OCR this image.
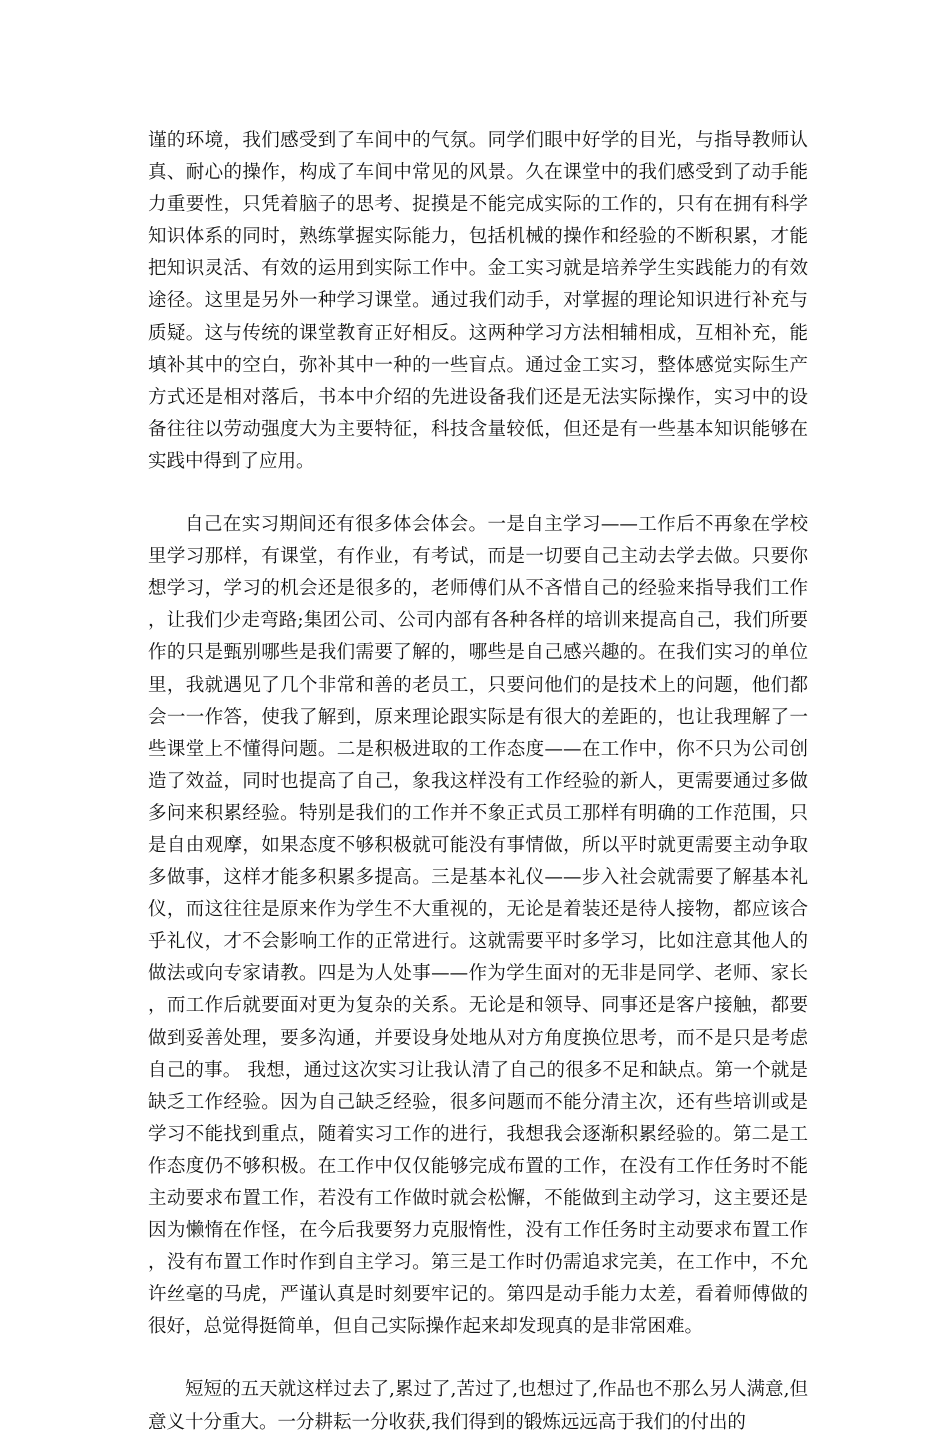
谨的环境，我们感受到了车间中的气氛。同学们眼中好学的目光，与指导教师认真、耐心的操作，构成了车间中常见的风景。久在课堂中的我们感受到了动手能力重要性，只凭着脑子的思考、捉摸是不能完成实际的工作的，只有在拥有科学知识体系的同时，熟练掌握实际能力，包括机械的操作和经验的不断积累，才能把知识灵活、有效的运用到实际工作中。金工实习就是培养学生实践能力的有效途径。这里是另外一种学习课堂。通过我们动手，对掌握的理论知识进行补充与质疑。这与传统的课堂教育正好相反。这两种学习方法相辅相成，互相补充，能填补其中的空白，弥补其中一种的一些盲点。通过金工实习，整体感觉实际生产方式还是相对落后，书本中介绍的先进设备我们还是无法实际操作，实习中的设备往往以劳动强度大为主要特征，科技含量较低，但还是有一些基本知识能够在实践中得到了应用。

自己在实习期间还有很多体会体会。一是自主学习——工作后不再象在学校里学习那样，有课堂，有作业，有考试，而是一切要自己主动去学去做。只要你想学习，学习的机会还是很多的，老师傅们从不吝惜自己的经验来指导我们工作，让我们少走弯路;集团公司、公司内部有各种各样的培训来提高自己，我们所要作的只是甄别哪些是我们需要了解的，哪些是自己感兴趣的。在我们实习的单位里，我就遇见了几个非常和善的老员工，只要问他们的是技术上的问题，他们都会一一作答，使我了解到，原来理论跟实际是有很大的差距的，也让我理解了一些课堂上不懂得问题。二是积极进取的工作态度——在工作中，你不只为公司创造了效益，同时也提高了自己，象我这样没有工作经验的新人，更需要通过多做多问来积累经验。特别是我们的工作并不象正式员工那样有明确的工作范围，只是自由观摩，如果态度不够积极就可能没有事情做，所以平时就更需要主动争取多做事，这样才能多积累多提高。三是基本礼仪——步入社会就需要了解基本礼仪，而这往往是原来作为学生不大重视的，无论是着装还是待人接物，都应该合乎礼仪，才不会影响工作的正常进行。这就需要平时多学习，比如注意其他人的做法或向专家请教。四是为人处事——作为学生面对的无非是同学、老师、家长，而工作后就要面对更为复杂的关系。无论是和领导、同事还是客户接触，都要做到妥善处理，要多沟通，并要设身处地从对方角度换位思考，而不是只是考虑自己的事。 我想，通过这次实习让我认清了自己的很多不足和缺点。第一个就是缺乏工作经验。因为自己缺乏经验，很多问题而不能分清主次，还有些培训或是学习不能找到重点，随着实习工作的进行，我想我会逐渐积累经验的。第二是工作态度仍不够积极。在工作中仅仅能够完成布置的工作，在没有工作任务时不能主动要求布置工作，若没有工作做时就会松懈，不能做到主动学习，这主要还是因为懒惰在作怪，在今后我要努力克服惰性，没有工作任务时主动要求布置工作，没有布置工作时作到自主学习。第三是工作时仍需追求完美，在工作中，不允许丝毫的马虎，严谨认真是时刻要牢记的。第四是动手能力太差，看着师傅做的很好，总觉得挺简单，但自己实际操作起来却发现真的是非常困难。

短短的五天就这样过去了,累过了,苦过了,也想过了,作品也不那么另人满意,但意义十分重大。一分耕耘一分收获,我们得到的锻炼远远高于我们的付出的
